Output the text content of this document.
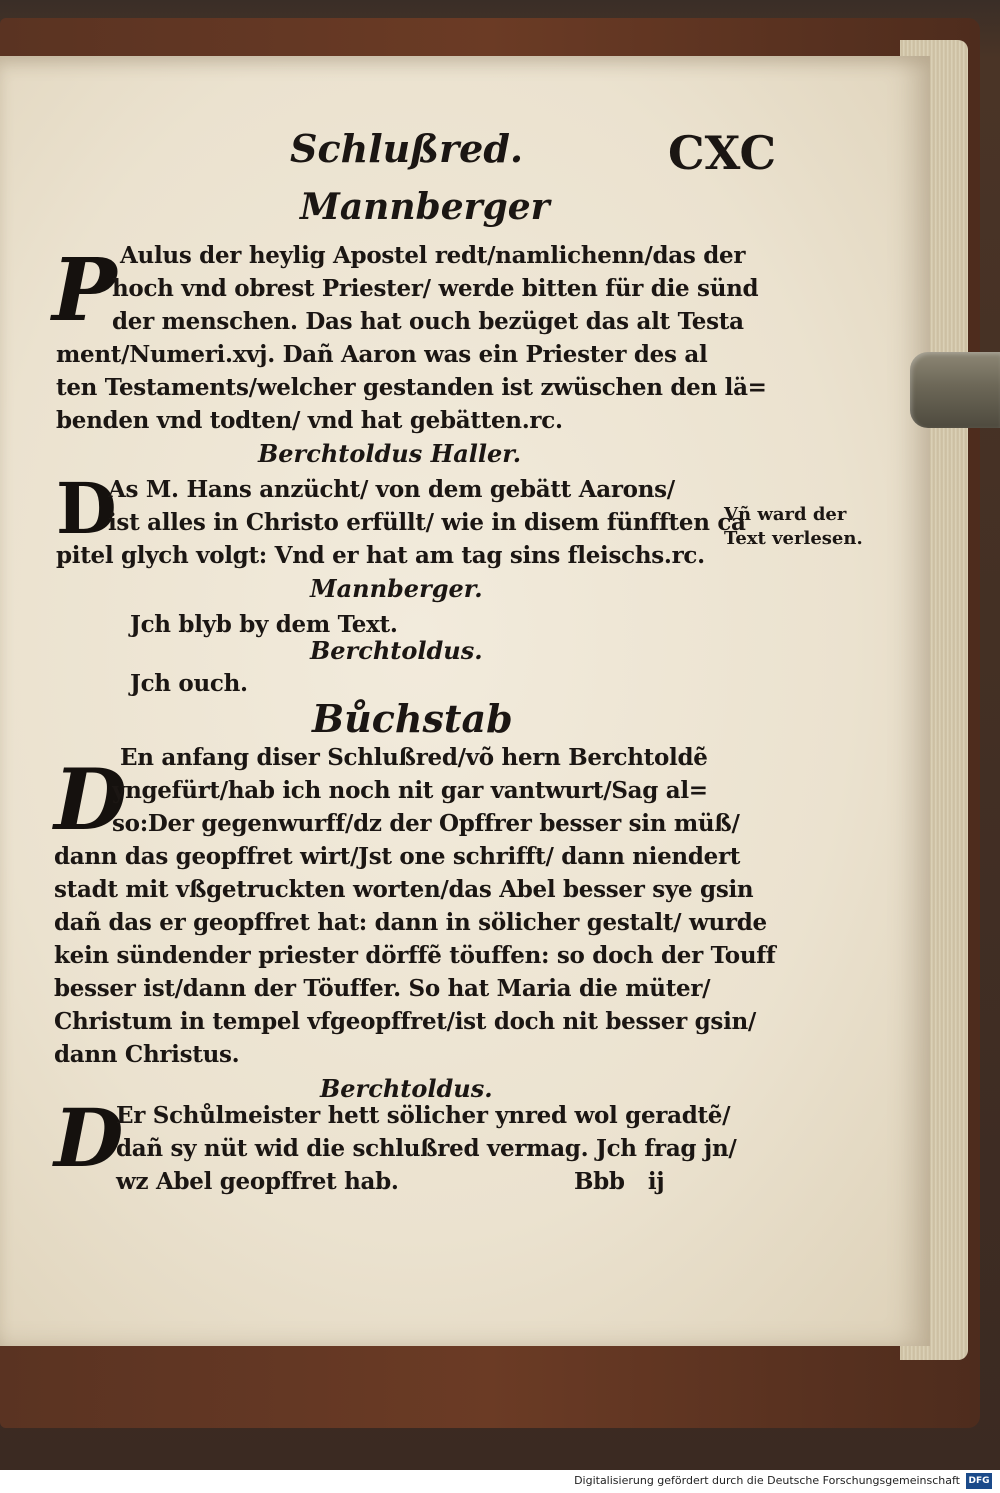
Schlußred.	CXC
Mannberger
P Aulus der heylig Apostel redt/namlichenn/das der
hoch vnd obrest Priester/ werde bitten für die sünd
der menschen. Das hat ouch bezüget das alt Testa
ment/Numeri.xvj. Dañ Aaron was ein Priester des al
ten Testaments/welcher gestanden ist zwüschen den lä=
benden vnd todten/ vnd hat gebätten.rc.
Berchtoldus Haller.
D
As M. Hans anzücht/ von dem gebätt Aarons/
ist alles in Christo erfüllt/ wie in disem fünfften ca
pitel glych volgt: Vnd er hat am tag sins fleischs.rc.
Vñ ward der
Text verlesen.
Mannberger.
Jch blyb by dem Text.
Berchtoldus.
Jch ouch.
Bůchstab
D
En anfang diser Schlußred/võ hern Berchtoldẽ
yngefürt/hab ich noch nit gar vantwurt/Sag al=
so:Der gegenwurff/dz der Opffrer besser sin müß/
dann das geopffret wirt/Jst one schrifft/ dann niendert
stadt mit vßgetruckten worten/das Abel besser sye gsin
dañ das er geopffret hat: dann in sölicher gestalt/ wurde
kein sündender priester dörffẽ töuffen: so doch der Touff
besser ist/dann der Töuffer. So hat Maria die müter/
Christum in tempel vfgeopffret/ist doch nit besser gsin/
dann Christus.
Berchtoldus.
D
Er Schůlmeister hett sölicher ynred wol geradtẽ/
dañ sy nüt wid die schlußred vermag. Jch frag jn/
wz Abel geopffret hab.	Bbb   ij
Digitalisierung gefördert durch die Deutsche Forschungsgemeinschaft DFG
